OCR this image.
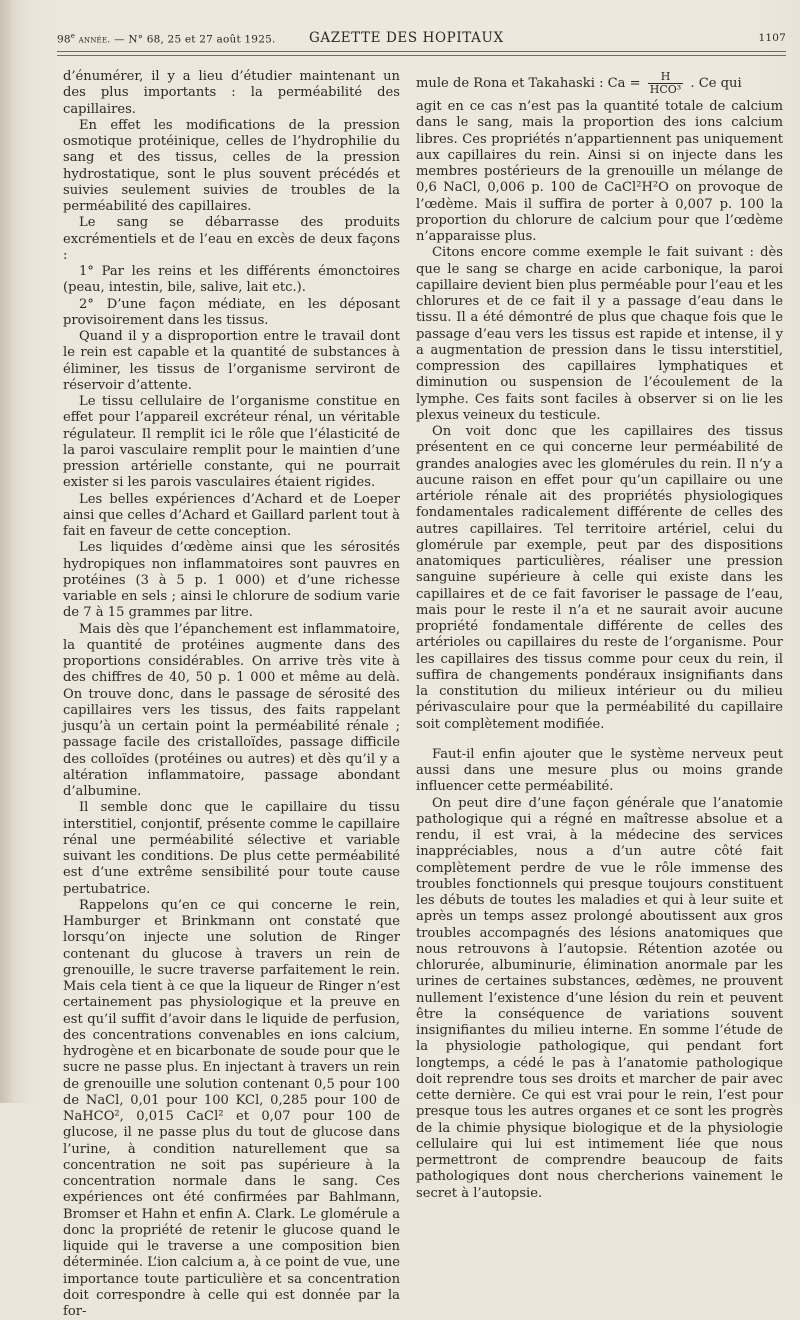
98e année. — N° 68, 25 et 27 août 1925. GAZETTE DES HOPITAUX	1107

d’énumérer, il y a lieu d’étudier maintenant un des plus importants : la perméabilité des capillaires.

En effet les modifications de la pression osmotique protéinique, celles de l’hydrophilie du sang et des tissus, celles de la pression hydrostatique, sont le plus souvent précédés et suivies seulement suivies de troubles de la perméabilité des capillaires.

Le sang se débarrasse des produits excrémentiels et de l’eau en excès de deux façons :

1° Par les reins et les différents émonctoires (peau, intestin, bile, salive, lait etc.).

2° D’une façon médiate, en les déposant provisoirement dans les tissus.

Quand il y a disproportion entre le travail dont le rein est capable et la quantité de substances à éliminer, les tissus de l’organisme serviront de réservoir d’attente.

Le tissu cellulaire de l’organisme constitue en effet pour l’appareil excréteur rénal, un véritable régulateur. Il remplit ici le rôle que l’élasticité de la paroi vasculaire remplit pour le maintien d’une pression artérielle constante, qui ne pourrait exister si les parois vasculaires étaient rigides.

Les belles expériences d’Achard et de Loeper ainsi que celles d’Achard et Gaillard parlent tout à fait en faveur de cette conception.

Les liquides d’œdème ainsi que les sérosités hydropiques non inflammatoires sont pauvres en protéines (3 à 5 p. 1 000) et d’une richesse variable en sels ; ainsi le chlorure de sodium varie de 7 à 15 grammes par litre.

Mais dès que l’épanchement est inflammatoire, la quantité de protéines augmente dans des proportions considérables. On arrive très vite à des chiffres de 40, 50 p. 1 000 et même au delà. On trouve donc, dans le passage de sérosité des capillaires vers les tissus, des faits rappelant jusqu’à un certain point la perméabilité rénale ; passage facile des cristalloïdes, passage difficile des colloïdes (protéines ou autres) et dès qu’il y a altération inflammatoire, passage abondant d’albumine.

Il semble donc que le capillaire du tissu interstitiel, conjontif, présente comme le capillaire rénal une perméabilité sélective et variable suivant les conditions. De plus cette perméabilité est d’une extrême sensibilité pour toute cause pertubatrice.

Rappelons qu’en ce qui concerne le rein, Hamburger et Brinkmann ont constaté que lorsqu’on injecte une solution de Ringer contenant du glucose à travers un rein de grenouille, le sucre traverse parfaitement le rein. Mais cela tient à ce que la liqueur de Ringer n’est certainement pas physiologique et la preuve en est qu’il suffit d’avoir dans le liquide de perfusion, des concentrations convenables en ions calcium, hydrogène et en bicarbonate de soude pour que le sucre ne passe plus. En injectant à travers un rein de grenouille une solution contenant 0,5 pour 100 de NaCl, 0,01 pour 100 KCl, 0,285 pour 100 de NaHCO², 0,015 CaCl² et 0,07 pour 100 de glucose, il ne passe plus du tout de glucose dans l’urine, à condition naturellement que sa concentration ne soit pas supérieure à la concentration normale dans le sang. Ces expériences ont été confirmées par Bahlmann, Bromser et Hahn et enfin A. Clark. Le glomérule a donc la propriété de retenir le glucose quand le liquide qui le traverse a une composition bien déterminée. L’ion calcium a, à ce point de vue, une importance toute particulière et sa concentration doit correspondre à celle qui est donnée par la for-

mule de Rona et Takahaski : $Ca = \frac{H}{\text{HCO³}}$ . Ce qui

agit en ce cas n’est pas la quantité totale de calcium dans le sang, mais la proportion des ions calcium libres. Ces propriétés n’appartiennent pas uniquement aux capillaires du rein. Ainsi si on injecte dans les membres postérieurs de la grenouille un mélange de 0,6 NaCl, 0,006 p. 100 de CaCl²H²O on provoque de l’œdème. Mais il suffira de porter à 0,007 p. 100 la proportion du chlorure de calcium pour que l’œdème n’apparaisse plus.

Citons encore comme exemple le fait suivant : dès que le sang se charge en acide carbonique, la paroi capillaire devient bien plus perméable pour l’eau et les chlorures et de ce fait il y a passage d’eau dans le tissu. Il a été démontré de plus que chaque fois que le passage d’eau vers les tissus est rapide et intense, il y a augmentation de pression dans le tissu interstitiel, compression des capillaires lymphatiques et diminution ou suspension de l’écoulement de la lymphe. Ces faits sont faciles à observer si on lie les plexus veineux du testicule.

On voit donc que les capillaires des tissus présentent en ce qui concerne leur perméabilité de grandes analogies avec les glomérules du rein. Il n’y a aucune raison en effet pour qu’un capillaire ou une artériole rénale ait des propriétés physiologiques fondamentales radicalement différente de celles des autres capillaires. Tel territoire artériel, celui du glomérule par exemple, peut par des dispositions anatomiques particulières, réaliser une pression sanguine supérieure à celle qui existe dans les capillaires et de ce fait favoriser le passage de l’eau, mais pour le reste il n’a et ne saurait avoir aucune propriété fondamentale différente de celles des artérioles ou capillaires du reste de l’organisme. Pour les capillaires des tissus comme pour ceux du rein, il suffira de changements pondéraux insignifiants dans la constitution du milieux intérieur ou du milieu périvasculaire pour que la perméabilité du capillaire soit complètement modifiée.

Faut-il enfin ajouter que le système nerveux peut aussi dans une mesure plus ou moins grande influencer cette perméabilité.

On peut dire d’une façon générale que l’anatomie pathologique qui a régné en maîtresse absolue et a rendu, il est vrai, à la médecine des services inappréciables, nous a d’un autre côté fait complètement perdre de vue le rôle immense des troubles fonctionnels qui presque toujours constituent les débuts de toutes les maladies et qui à leur suite et après un temps assez prolongé aboutissent aux gros troubles accompagnés des lésions anatomiques que nous retrouvons à l’autopsie. Rétention azotée ou chlorurée, albuminurie, élimination anormale par les urines de certaines substances, œdèmes, ne prouvent nullement l’existence d’une lésion du rein et peuvent être la conséquence de variations souvent insignifiantes du milieu interne. En somme l’étude de la physiologie pathologique, qui pendant fort longtemps, a cédé le pas à l’anatomie pathologique doit reprendre tous ses droits et marcher de pair avec cette dernière. Ce qui est vrai pour le rein, l’est pour presque tous les autres organes et ce sont les progrès de la chimie physique biologique et de la physiologie cellulaire qui lui est intimement liée que nous permettront de comprendre beaucoup de faits pathologiques dont nous chercherions vainement le secret à l’autopsie.
